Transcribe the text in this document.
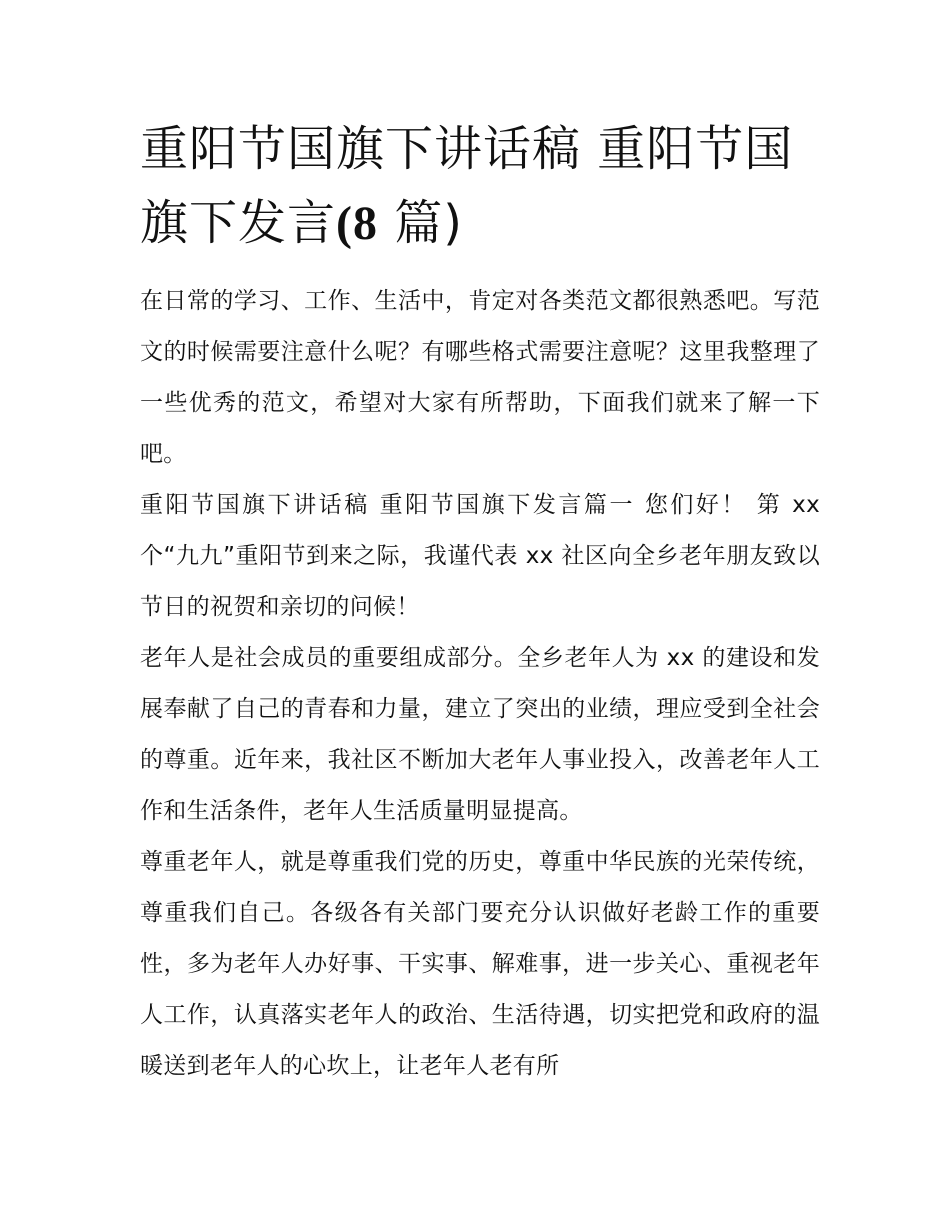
重阳节国旗下讲话稿 重阳节国旗下发言(8 篇)

在日常的学习、工作、生活中，肯定对各类范文都很熟悉吧。写范文的时候需要注意什么呢？有哪些格式需要注意呢？这里我整理了一些优秀的范文，希望对大家有所帮助，下面我们就来了解一下吧。

重阳节国旗下讲话稿 重阳节国旗下发言篇一 您们好！ 第 xx 个“九九”重阳节到来之际，我谨代表 xx 社区向全乡老年朋友致以节日的祝贺和亲切的问候！

老年人是社会成员的重要组成部分。全乡老年人为 xx 的建设和发展奉献了自己的青春和力量，建立了突出的业绩，理应受到全社会的尊重。近年来，我社区不断加大老年人事业投入，改善老年人工作和生活条件，老年人生活质量明显提高。

尊重老年人，就是尊重我们党的历史，尊重中华民族的光荣传统，尊重我们自己。各级各有关部门要充分认识做好老龄工作的重要性，多为老年人办好事、干实事、解难事，进一步关心、重视老年人工作，认真落实老年人的政治、生活待遇，切实把党和政府的温暖送到老年人的心坎上，让老年人老有所
